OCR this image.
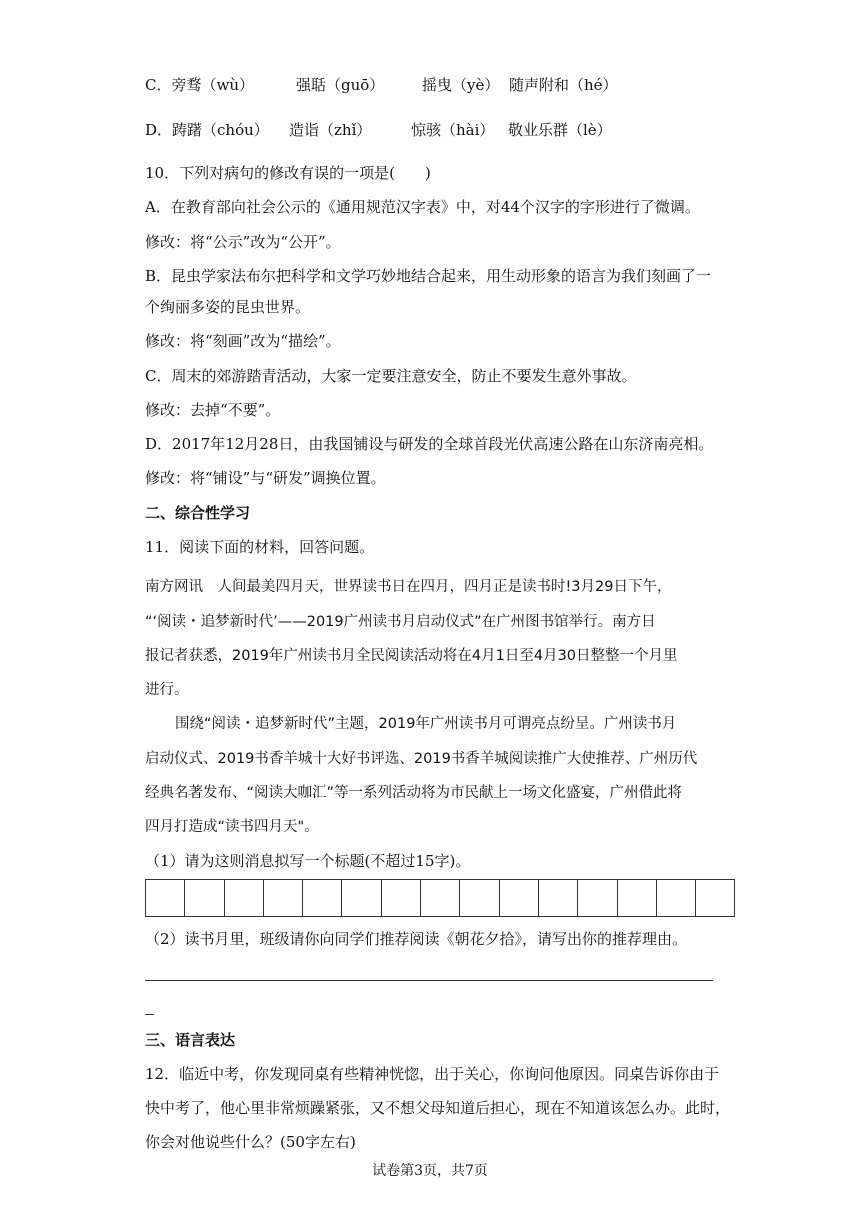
C．旁骛（wù）	强聒（guō）	摇曳（yè） 随声附和（hé）
D．踌躇（chóu） 造诣（zhǐ）	惊骇（hài） 敬业乐群（lè）
10．下列对病句的修改有误的一项是(　　)
A．在教育部向社会公示的《通用规范汉字表》中，对44个汉字的字形进行了微调。
修改：将“公示”改为“公开”。
B．昆虫学家法布尔把科学和文学巧妙地结合起来，用生动形象的语言为我们刻画了一
个绚丽多姿的昆虫世界。
修改：将“刻画”改为“描绘”。
C．周末的郊游踏青活动，大家一定要注意安全，防止不要发生意外事故。
修改：去掉“不要”。
D．2017年12月28日，由我国铺设与研发的全球首段光伏高速公路在山东济南亮相。
修改：将“铺设”与“研发”调换位置。
二、综合性学习
11．阅读下面的材料，回答问题。
南方网讯　人间最美四月天，世界读书日在四月，四月正是读书时!3月29日下午，
“‘阅读・追梦新时代’——2019广州读书月启动仪式”在广州图书馆举行。南方日
报记者获悉，2019年广州读书月全民阅读活动将在4月1日至4月30日整整一个月里
进行。
围绕“阅读・追梦新时代”主题，2019年广州读书月可谓亮点纷呈。广州读书月
启动仪式、2019书香羊城十大好书评选、2019书香羊城阅读推广大使推荐、广州历代
经典名著发布、“阅读大咖汇”等一系列活动将为市民献上一场文化盛宴，广州借此将
四月打造成“读书四月天"。
（1）请为这则消息拟写一个标题(不超过15字)。
（2）读书月里，班级请你向同学们推荐阅读《朝花夕拾》，请写出你的推荐理由。
三、语言表达
12．临近中考，你发现同桌有些精神恍惚，出于关心，你询问他原因。同桌告诉你由于
快中考了，他心里非常烦躁紧张，又不想父母知道后担心，现在不知道该怎么办。此时，
你会对他说些什么？(50字左右)
试卷第3页，共7页
